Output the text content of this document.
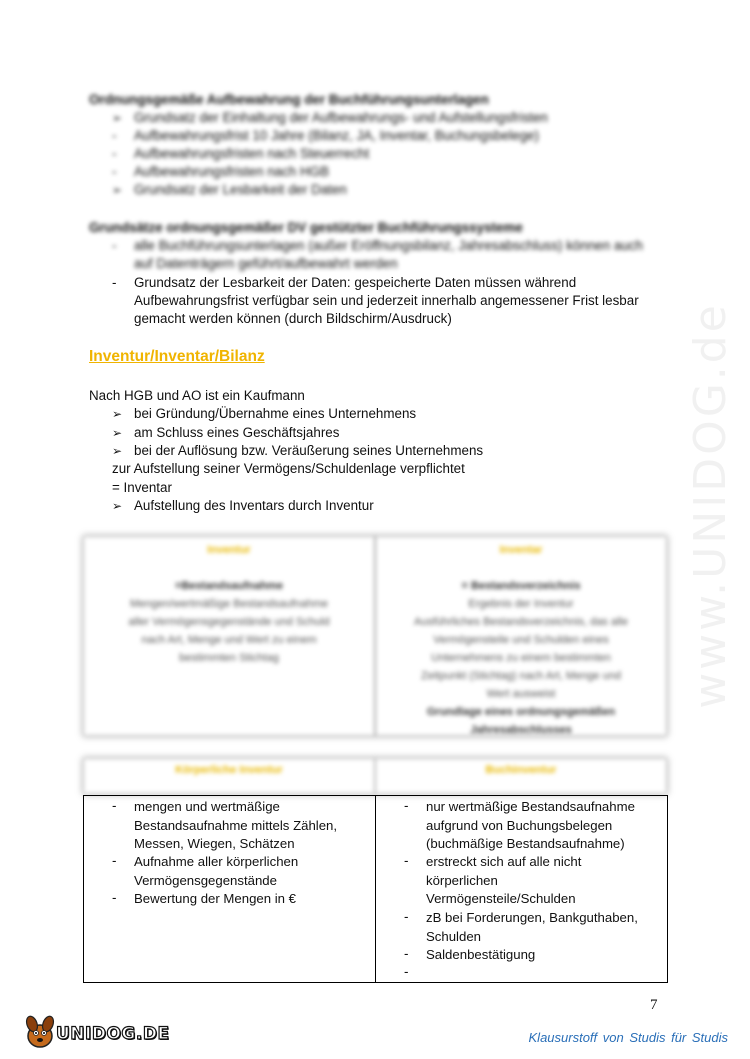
www.UNIDOG.de
Ordnungsgemäße Aufbewahrung der Buchführungsunterlagen
➢ Grundsatz der Einhaltung der Aufbewahrungs- und Aufstellungsfristen
- Aufbewahrungsfrist 10 Jahre (Bilanz, JA, Inventar, Buchungsbelege)
- Aufbewahrungsfristen nach Steuerrecht
- Aufbewahrungsfristen nach HGB
➢ Grundsatz der Lesbarkeit der Daten
Grundsätze ordnungsgemäßer DV gestützter Buchführungssysteme
- alle Buchführungsunterlagen (außer Eröffnungsbilanz, Jahresabschluss) können auch
auf Datenträgern geführt/aufbewahrt werden
- Grundsatz der Lesbarkeit der Daten: gespeicherte Daten müssen während
Aufbewahrungsfrist verfügbar sein und jederzeit innerhalb angemessener Frist lesbar
gemacht werden können (durch Bildschirm/Ausdruck)
Inventur/Inventar/Bilanz
Nach HGB und AO ist ein Kaufmann
➢ bei Gründung/Übernahme eines Unternehmens
➢ am Schluss eines Geschäftsjahres
➢ bei der Auflösung bzw. Veräußerung seines Unternehmens
zur Aufstellung seiner Vermögens/Schuldenlage verpflichtet
= Inventar
➢ Aufstellung des Inventars durch Inventur
Inventur
=Bestandsaufnahme
Mengen/wertmäßige Bestandsaufnahme
aller Vermögensgegenstände und Schuld
nach Art, Menge und Wert zu einem
bestimmten Stichtag
Inventar
= Bestandsverzeichnis
Ergebnis der Inventur
Ausführliches Bestandsverzeichnis, das alle
Vermögensteile und Schulden eines
Unternehmens zu einem bestimmten
Zeitpunkt (Stichtag) nach Art, Menge und
Wert ausweist
Grundlage eines ordnungsgemäßen
Jahresabschlusses
Körperliche Inventur	Buchinventur
- mengen und wertmäßige
Bestandsaufnahme mittels Zählen,
Messen, Wiegen, Schätzen
- Aufnahme aller körperlichen
Vermögensgegenstände
- Bewertung der Mengen in €
- nur wertmäßige Bestandsaufnahme
aufgrund von Buchungsbelegen
(buchmäßige Bestandsaufnahme)
- erstreckt sich auf alle nicht
körperlichen
Vermögensteile/Schulden
- zB bei Forderungen, Bankguthaben,
Schulden
- Saldenbestätigung
-
7
UNIDOG.DE	Klausurstoff von Studis für Studis
